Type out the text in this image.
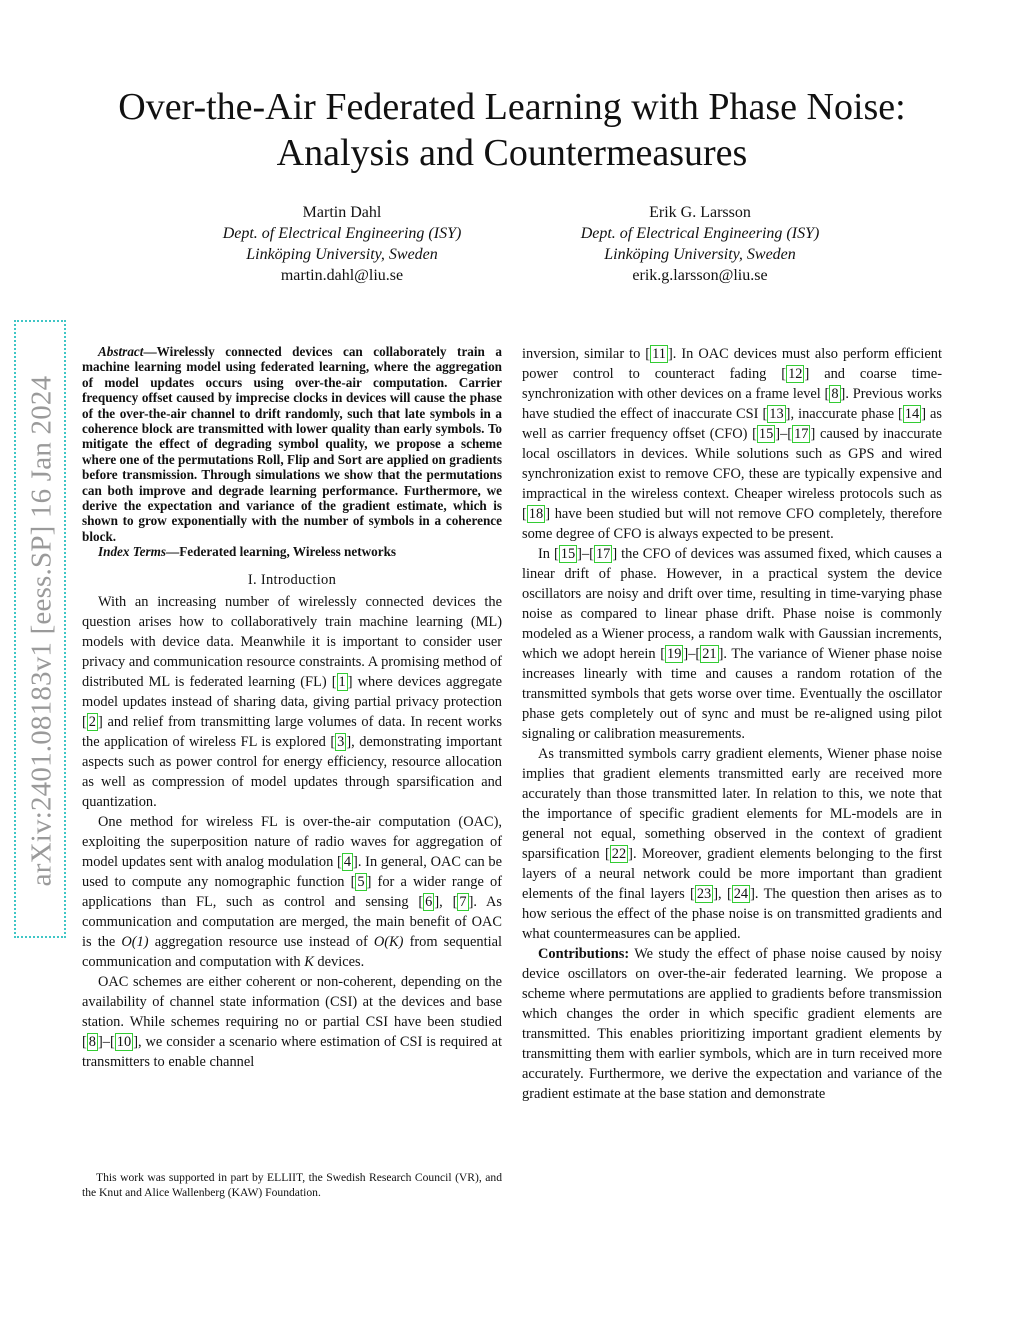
Over-the-Air Federated Learning with Phase Noise:
Analysis and Countermeasures
Martin Dahl
Dept. of Electrical Engineering (ISY)
Linköping University, Sweden
martin.dahl@liu.se
Erik G. Larsson
Dept. of Electrical Engineering (ISY)
Linköping University, Sweden
erik.g.larsson@liu.se
arXiv:2401.08183v1 [eess.SP] 16 Jan 2024

Abstract—Wirelessly connected devices can collaborately train a machine learning model using federated learning, where the aggregation of model updates occurs using over-the-air computation. Carrier frequency offset caused by imprecise clocks in devices will cause the phase of the over-the-air channel to drift randomly, such that late symbols in a coherence block are transmitted with lower quality than early symbols. To mitigate the effect of degrading symbol quality, we propose a scheme where one of the permutations Roll, Flip and Sort are applied on gradients before transmission. Through simulations we show that the permutations can both improve and degrade learning performance. Furthermore, we derive the expectation and variance of the gradient estimate, which is shown to grow exponentially with the number of symbols in a coherence block.

Index Terms—Federated learning, Wireless networks

I. Introduction

With an increasing number of wirelessly connected devices the question arises how to collaboratively train machine learning (ML) models with device data. Meanwhile it is important to consider user privacy and communication resource constraints. A promising method of distributed ML is federated learning (FL) [ 1 ] where devices aggregate model updates instead of sharing data, giving partial privacy protection [ 2 ] and relief from transmitting large volumes of data. In recent works the application of wireless FL is explored [ 3 ], demonstrating important aspects such as power control for energy efficiency, resource allocation as well as compression of model updates through sparsification and quantization.

One method for wireless FL is over-the-air computation (OAC), exploiting the superposition nature of radio waves for aggregation of model updates sent with analog modulation [ 4 ]. In general, OAC can be used to compute any nomographic function [ 5 ] for a wider range of applications than FL, such as control and sensing [ 6 ], [ 7 ]. As communication and computation are merged, the main benefit of OAC is the O(1) aggregation resource use instead of O(K) from sequential communication and computation with K devices.

OAC schemes are either coherent or non-coherent, depending on the availability of channel state information (CSI) at the devices and base station. While schemes requiring no or partial CSI have been studied [ 8 ]–[ 10 ], we consider a scenario where estimation of CSI is required at transmitters to enable channel

This work was supported in part by ELLIIT, the Swedish Research Council (VR), and the Knut and Alice Wallenberg (KAW) Foundation.

inversion, similar to [ 11 ]. In OAC devices must also perform efficient power control to counteract fading [ 12 ] and coarse time-synchronization with other devices on a frame level [ 8 ]. Previous works have studied the effect of inaccurate CSI [ 13 ], inaccurate phase [ 14 ] as well as carrier frequency offset (CFO) [ 15 ]–[ 17 ] caused by inaccurate local oscillators in devices. While solutions such as GPS and wired synchronization exist to remove CFO, these are typically expensive and impractical in the wireless context. Cheaper wireless protocols such as [ 18 ] have been studied but will not remove CFO completely, therefore some degree of CFO is always expected to be present.

In [ 15 ]–[ 17 ] the CFO of devices was assumed fixed, which causes a linear drift of phase. However, in a practical system the device oscillators are noisy and drift over time, resulting in time-varying phase noise as compared to linear phase drift. Phase noise is commonly modeled as a Wiener process, a random walk with Gaussian increments, which we adopt herein [ 19 ]–[ 21 ]. The variance of Wiener phase noise increases linearly with time and causes a random rotation of the transmitted symbols that gets worse over time. Eventually the oscillator phase gets completely out of sync and must be re-aligned using pilot signaling or calibration measurements.

As transmitted symbols carry gradient elements, Wiener phase noise implies that gradient elements transmitted early are received more accurately than those transmitted later. In relation to this, we note that the importance of specific gradient elements for ML-models are in general not equal, something observed in the context of gradient sparsification [ 22 ]. Moreover, gradient elements belonging to the first layers of a neural network could be more important than gradient elements of the final layers [ 23 ], [ 24 ]. The question then arises as to how serious the effect of the phase noise is on transmitted gradients and what countermeasures can be applied.

Contributions: We study the effect of phase noise caused by noisy device oscillators on over-the-air federated learning. We propose a scheme where permutations are applied to gradients before transmission which changes the order in which specific gradient elements are transmitted. This enables prioritizing important gradient elements by transmitting them with earlier symbols, which are in turn received more accurately. Furthermore, we derive the expectation and variance of the gradient estimate at the base station and demonstrate
